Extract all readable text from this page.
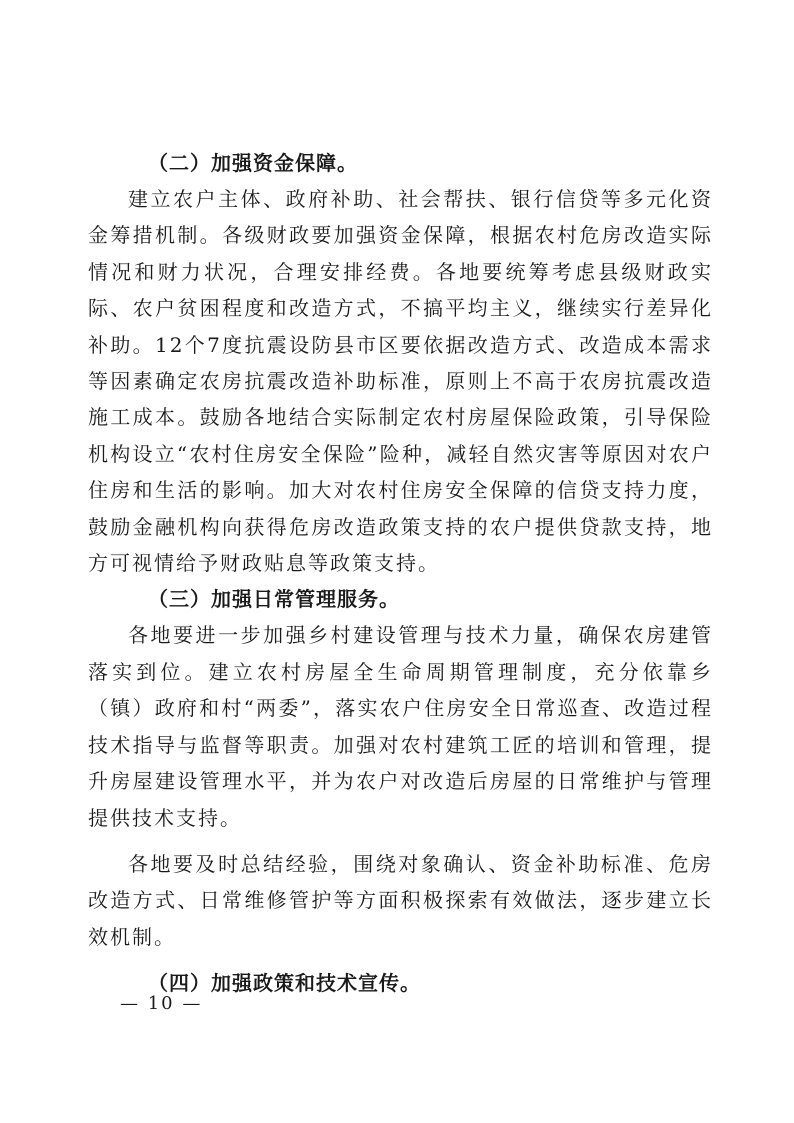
（二）加强资金保障。

建立农户主体、政府补助、社会帮扶、银行信贷等多元化资金筹措机制。各级财政要加强资金保障，根据农村危房改造实际情况和财力状况，合理安排经费。各地要统筹考虑县级财政实际、农户贫困程度和改造方式，不搞平均主义，继续实行差异化补助。12个7度抗震设防县市区要依据改造方式、改造成本需求等因素确定农房抗震改造补助标准，原则上不高于农房抗震改造施工成本。鼓励各地结合实际制定农村房屋保险政策，引导保险机构设立“农村住房安全保险”险种，减轻自然灾害等原因对农户住房和生活的影响。加大对农村住房安全保障的信贷支持力度，鼓励金融机构向获得危房改造政策支持的农户提供贷款支持，地方可视情给予财政贴息等政策支持。

（三）加强日常管理服务。

各地要进一步加强乡村建设管理与技术力量，确保农房建管落实到位。建立农村房屋全生命周期管理制度，充分依靠乡（镇）政府和村“两委”，落实农户住房安全日常巡查、改造过程技术指导与监督等职责。加强对农村建筑工匠的培训和管理，提升房屋建设管理水平，并为农户对改造后房屋的日常维护与管理提供技术支持。

各地要及时总结经验，围绕对象确认、资金补助标准、危房改造方式、日常维修管护等方面积极探索有效做法，逐步建立长效机制。

（四）加强政策和技术宣传。

— 10 —
